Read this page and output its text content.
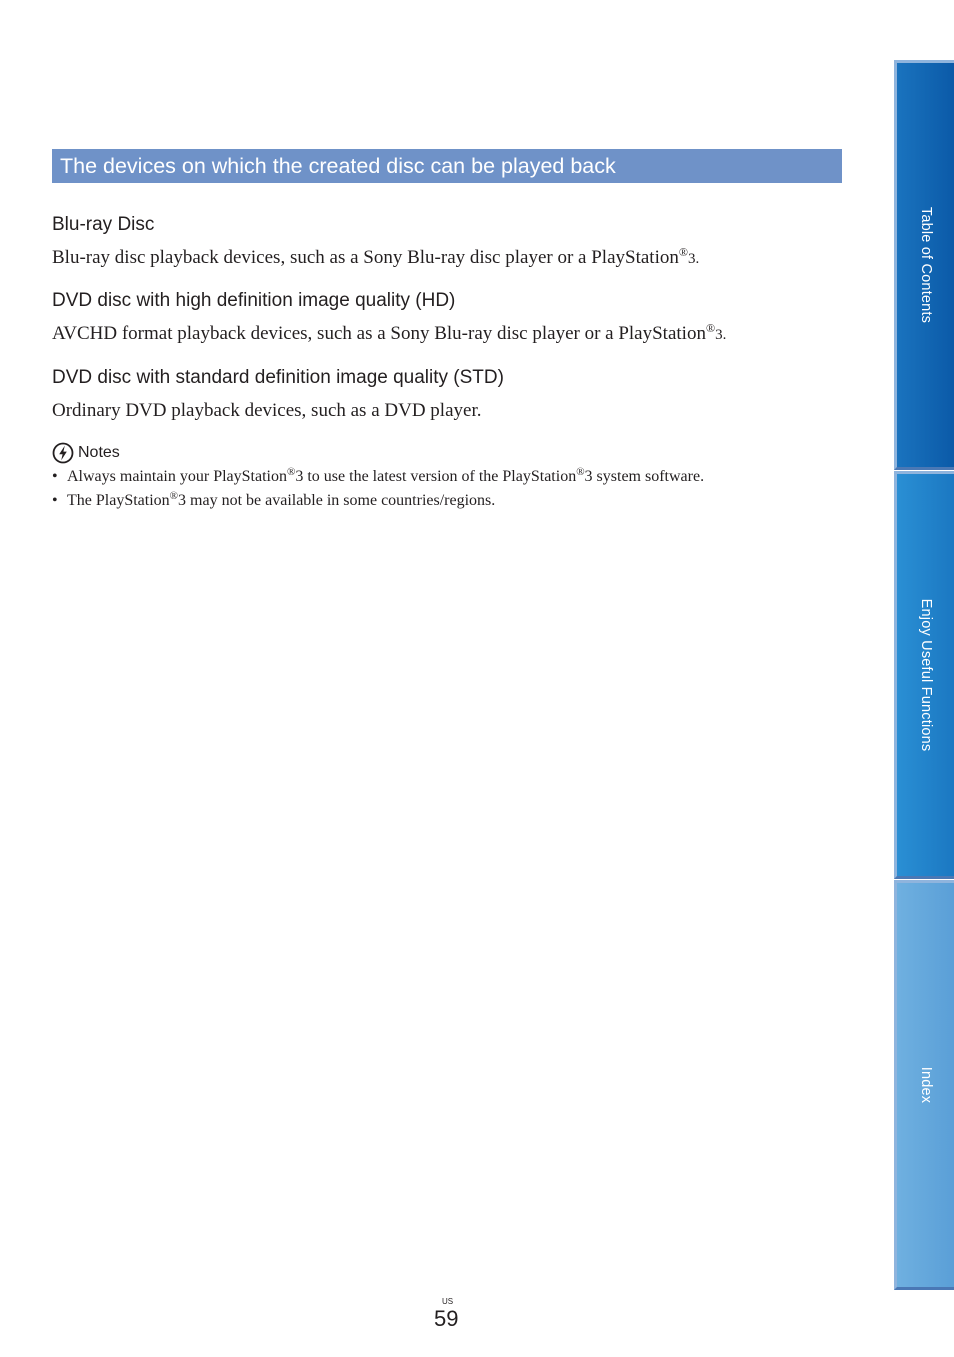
The devices on which the created disc can be played back
Blu-ray Disc
Blu-ray disc playback devices, such as a Sony Blu-ray disc player or a PlayStation®3.
DVD disc with high definition image quality (HD)
AVCHD format playback devices, such as a Sony Blu-ray disc player or a PlayStation®3.
DVD disc with standard definition image quality (STD)
Ordinary DVD playback devices, such as a DVD player.
Notes
• Always maintain your PlayStation®3 to use the latest version of the PlayStation®3 system software.
• The PlayStation®3 may not be available in some countries/regions.
Table of Contents
Enjoy Useful Functions
Index
US
59
